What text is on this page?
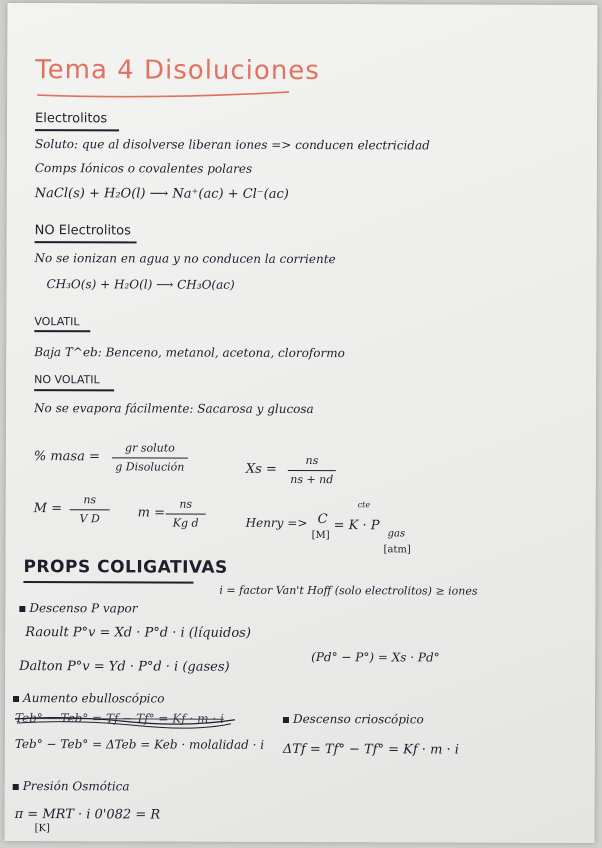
Tema 4 Disoluciones
Electrolitos
Soluto: que al disolverse liberan iones => conducen electricidad
Comps Iónicos o covalentes polares
NaCl(s) + H₂O(l) ⟶ Na⁺(ac) + Cl⁻(ac)
NO Electrolitos
No se ionizan en agua y no conducen la corriente
CH₃O(s) + H₂O(l) ⟶ CH₃O(ac)
VOLATIL
Baja T^eb: Benceno, metanol, acetona, cloroformo
NO VOLATIL
No se evapora fácilmente: Sacarosa y glucosa
% masa =
gr soluto
g Disolución	Xs =
ns
ns + nd
M =
ns
V D	m =
ns
Kg d	Henry => C
[M]
= K · P
gas
[atm]
cte
PROPS COLIGATIVAS
i = factor Van't Hoff (solo electrolitos) ≥ iones
Descenso P vapor
Raoult P°v = Xd · P°d · i (líquidos)
(Pd° − P°) = Xs · Pd°
Dalton P°v = Yd · P°d · i (gases)
Aumento ebulloscópico
Teb° − Teb° = Tf − Tf° = Kf · m · i
Teb° − Teb° = ΔTeb = Keb · molalidad · i
Descenso crioscópico
ΔTf = Tf° − Tf° = Kf · m · i
Presión Osmótica
π = MRT · i 0'082 = R
[K]
